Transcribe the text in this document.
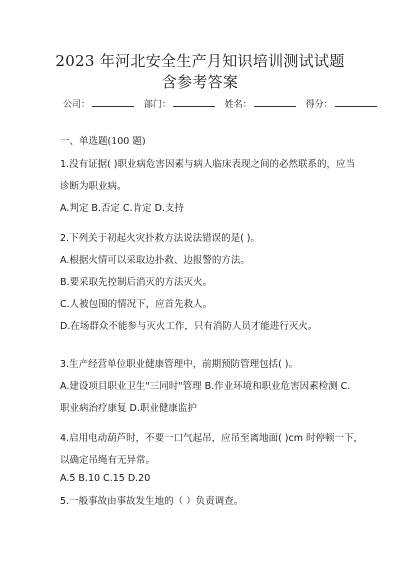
2023 年河北安全生产月知识培训测试试题
含参考答案
公司：	部门：	姓名：	得分：
一、单选题(100 题)
1.没有证据( )职业病危害因素与病人临床表现之间的必然联系的，应当
诊断为职业病。
A.判定 B.否定 C.肯定 D.支持
2.下列关于初起火灾扑救方法说法错误的是( )。
A.根据火情可以采取边扑救、边报警的方法。
B.要采取先控制后消灭的方法灭火。
C.人被包围的情况下，应首先救人。
D.在场群众不能参与灭火工作，只有消防人员才能进行灭火。
3.生产经营单位职业健康管理中，前期预防管理包括( )。
A.建设项目职业卫生"三同时"管理 B.作业环境和职业危害因素检测 C.
职业病治疗康复 D.职业健康监护
4.启用电动葫芦时，不要一口气起吊，应吊至离地面( )cm 时停顿一下，
以确定吊绳有无异常。
A.5 B.10 C.15 D.20
5.一般事故由事故发生地的（ ）负责调查。
